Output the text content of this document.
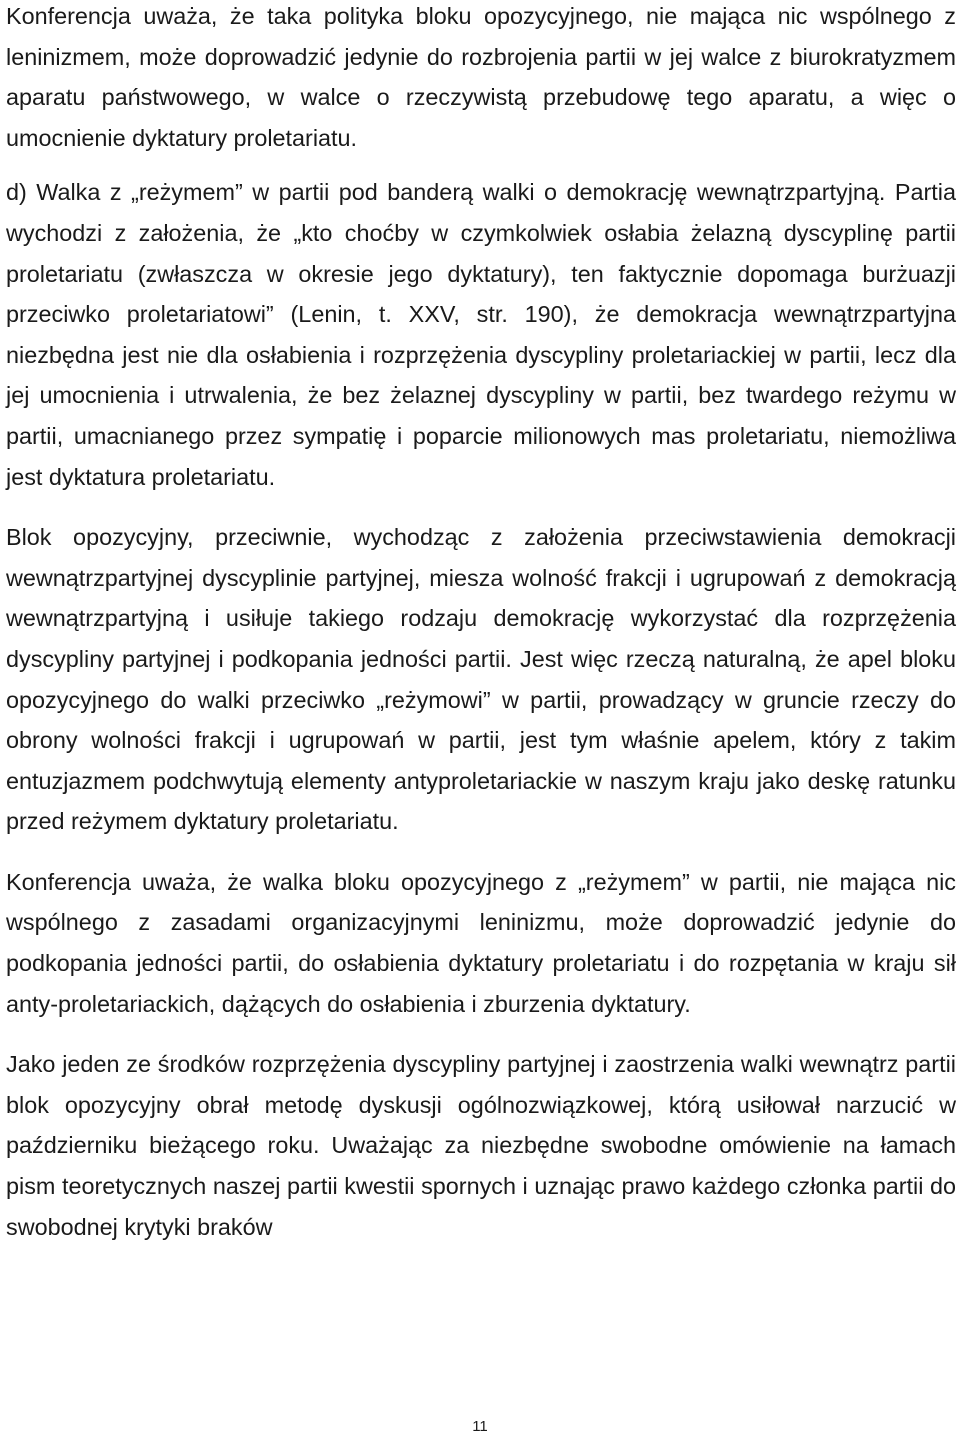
Konferencja uważa, że taka polityka bloku opozycyjnego, nie mająca nic wspólnego z leninizmem, może doprowadzić jedynie do rozbrojenia partii w jej walce z biurokratyzmem aparatu państwowego, w walce o rzeczywistą przebudowę tego aparatu, a więc o umocnienie dyktatury proletariatu.

d) Walka z „reżymem” w partii pod banderą walki o demokrację wewnątrzpartyjną. Partia wychodzi z założenia, że „kto choćby w czymkolwiek osłabia żelazną dyscyplinę partii proletariatu (zwłaszcza w okresie jego dyktatury), ten faktycznie dopomaga burżuazji przeciwko proletariatowi” (Lenin, t. XXV, str. 190), że demokracja wewnątrzpartyjna niezbędna jest nie dla osłabienia i rozprzężenia dyscypliny proletariackiej w partii, lecz dla jej umocnienia i utrwalenia, że bez żelaznej dyscypliny w partii, bez twardego reżymu w partii, umacnianego przez sympatię i poparcie milionowych mas proletariatu, niemożliwa jest dyktatura proletariatu.

Blok opozycyjny, przeciwnie, wychodząc z założenia przeciwstawienia demokracji wewnątrzpartyjnej dyscyplinie partyjnej, miesza wolność frakcji i ugrupowań z demokracją wewnątrzpartyjną i usiłuje takiego rodzaju demokrację wykorzystać dla rozprzężenia dyscypliny partyjnej i podkopania jedności partii. Jest więc rzeczą naturalną, że apel bloku opozycyjnego do walki przeciwko „reżymowi” w partii, prowadzący w gruncie rzeczy do obrony wolności frakcji i ugrupowań w partii, jest tym właśnie apelem, który z takim entuzjazmem podchwytują elementy antyproletariackie w naszym kraju jako deskę ratunku przed reżymem dyktatury proletariatu.

Konferencja uważa, że walka bloku opozycyjnego z „reżymem” w partii, nie mająca nic wspólnego z zasadami organizacyjnymi leninizmu, może doprowadzić jedynie do podkopania jedności partii, do osłabienia dyktatury proletariatu i do rozpętania w kraju sił anty-proletariackich, dążących do osłabienia i zburzenia dyktatury.

Jako jeden ze środków rozprzężenia dyscypliny partyjnej i zaostrzenia walki wewnątrz partii blok opozycyjny obrał metodę dyskusji ogólnozwiązkowej, którą usiłował narzucić w październiku bieżącego roku. Uważając za niezbędne swobodne omówienie na łamach pism teoretycznych naszej partii kwestii spornych i uznając prawo każdego członka partii do swobodnej krytyki braków

11
